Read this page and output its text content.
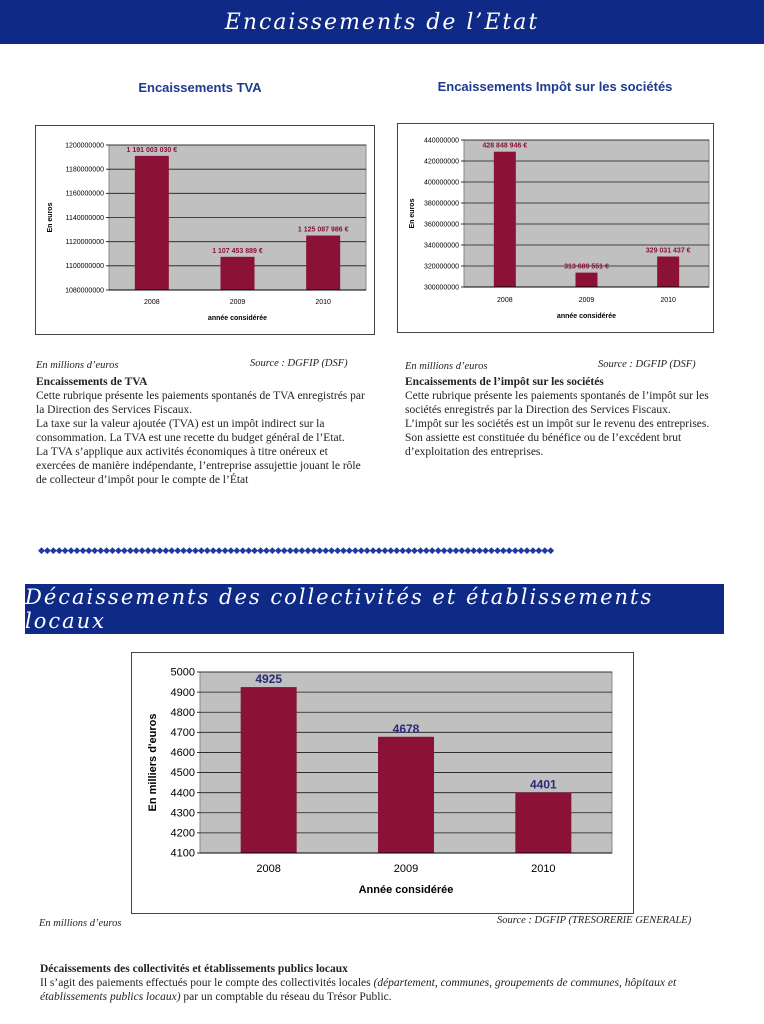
Encaissements de l’Etat
Encaissements TVA
1080000000
1100000000
1120000000
1140000000
1160000000
1180000000
1200000000
1 191 003 030 €
2008
1 107 453 889 €
2009
1 125 087 986 €
2010
année considérée
En euros
Encaissements Impôt sur les sociétés
300000000
320000000
340000000
360000000
380000000
400000000
420000000
440000000
428 848 946 €
2008
313 689 551 €
2009
329 031 437 €
2010
année considérée
En euros
En millions d’euros	Source : DGFIP (DSF)
Encaissements de TVA
Cette rubrique présente les paiements spontanés de TVA enregistrés par la Direction des Services Fiscaux.
La taxe sur la valeur ajoutée (TVA) est un impôt indirect sur la consommation. La TVA est une recette du budget général de l’Etat.
La TVA s’applique aux activités économiques à titre onéreux et exercées de manière indépendante, l’entreprise assujettie jouant le rôle de collecteur d’impôt pour le compte de l’État
En millions d’euros	Source : DGFIP (DSF)
Encaissements de l’impôt sur les sociétés
Cette rubrique présente les paiements spontanés de l’impôt sur les sociétés enregistrés par la Direction des Services Fiscaux.
L’impôt sur les sociétés est un impôt sur le revenu des entreprises. Son assiette est constituée du bénéfice ou de l’excédent brut d’exploitation des entreprises.
◆◆◆◆◆◆◆◆◆◆◆◆◆◆◆◆◆◆◆◆◆◆◆◆◆◆◆◆◆◆◆◆◆◆◆◆◆◆◆◆◆◆◆◆◆◆◆◆◆◆◆◆◆◆◆◆◆◆◆◆◆◆◆◆◆◆◆◆◆◆◆◆◆◆◆◆◆◆◆◆◆◆◆◆◆◆◆
Décaissements des collectivités et établissements locaux
4100
4200
4300
4400
4500
4600
4700
4800
4900
5000	4925
2008
4678
2009
4401
2010
Année considérée
En milliers d'euros
En millions d’euros	Source : DGFIP (TRESORERIE GENERALE)
Décaissements des collectivités et établissements publics locaux
Il s’agit des paiements effectués pour le compte des collectivités locales (département, communes, groupements de communes, hôpitaux et établissements publics locaux) par un comptable du réseau du Trésor Public.
